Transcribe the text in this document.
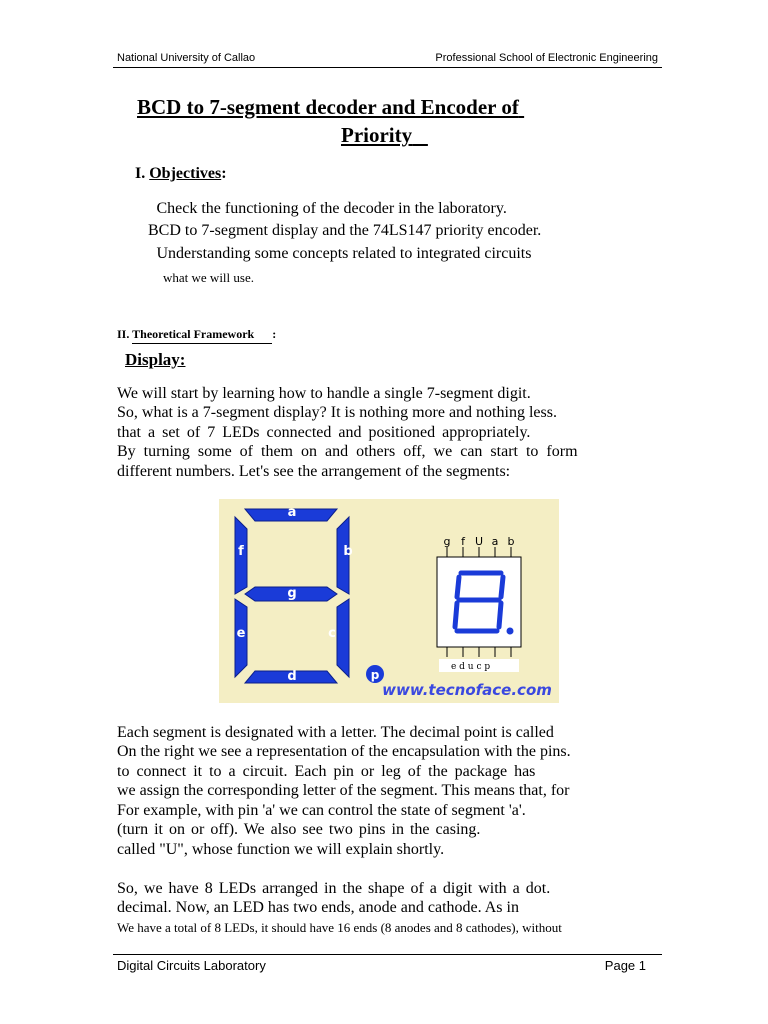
National University of Callao	Professional School of Electronic Engineering
BCD to 7-segment decoder and Encoder of
Priority
I. Objectives:
Check the functioning of the decoder in the laboratory.
BCD to 7-segment display and the 74LS147 priority encoder.
Understanding some concepts related to integrated circuits
what we will use.
II. Theoretical Framework :
Display:
We will start by learning how to handle a single 7-segment digit.
So, what is a 7-segment display? It is nothing more and nothing less.
that a set of 7 LEDs connected and positioned appropriately.
By turning some of them on and others off, we can start to form
different numbers. Let's see the arrangement of the segments:
a
b
c
d
e
f
g
p
g f U a b
e d u c p
www.tecnoface.com
Each segment is designated with a letter. The decimal point is called
On the right we see a representation of the encapsulation with the pins.
to connect it to a circuit. Each pin or leg of the package has
we assign the corresponding letter of the segment. This means that, for
For example, with pin 'a' we can control the state of segment 'a'.
(turn it on or off). We also see two pins in the casing.
called "U", whose function we will explain shortly.
So, we have 8 LEDs arranged in the shape of a digit with a dot.
decimal. Now, an LED has two ends, anode and cathode. As in
We have a total of 8 LEDs, it should have 16 ends (8 anodes and 8 cathodes), without
Digital Circuits Laboratory	Page 1
